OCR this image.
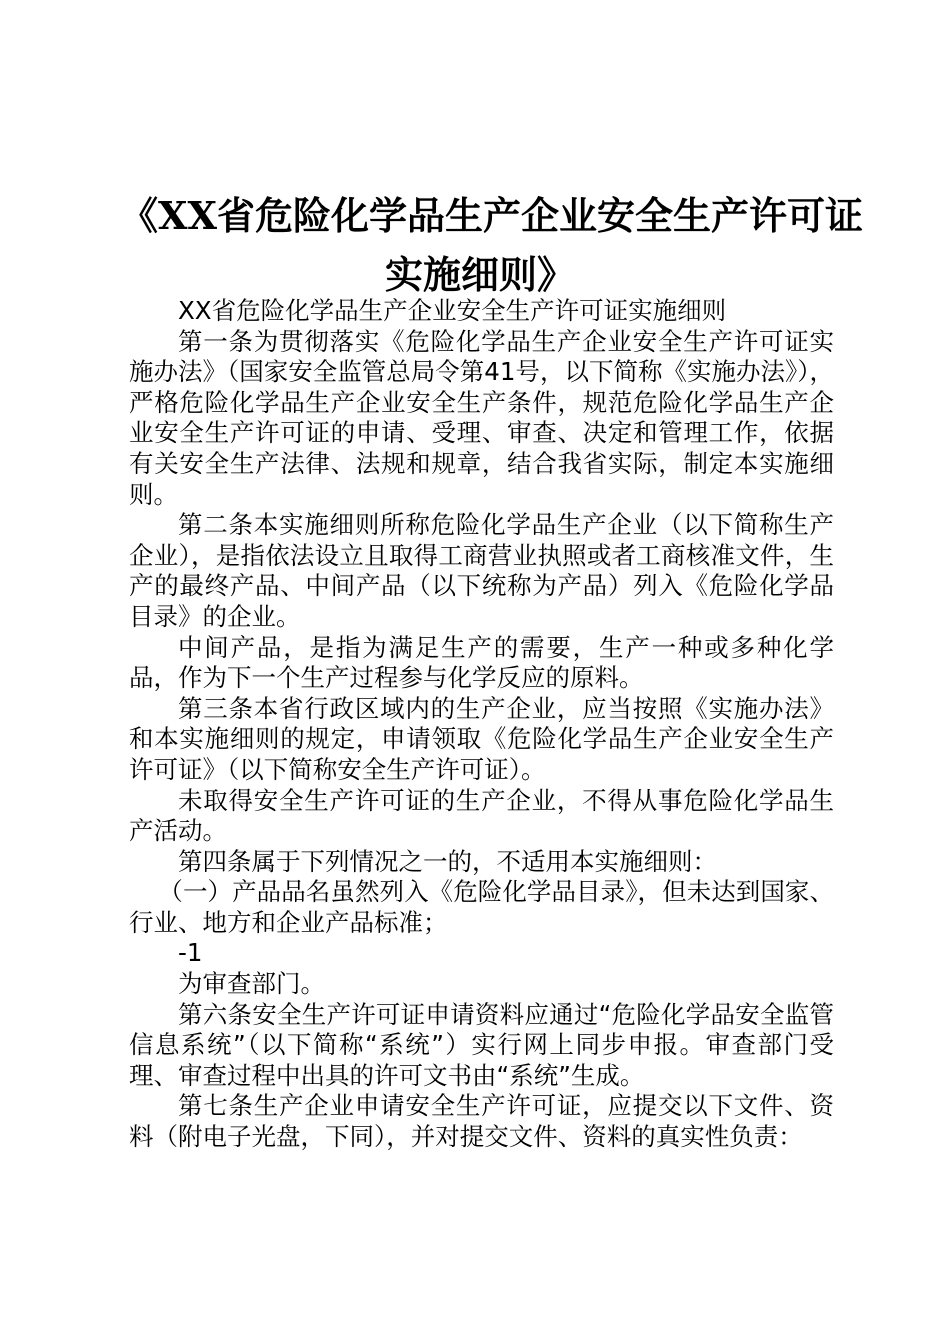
《XX省危险化学品生产企业安全生产许可证
实施细则》

XX省危险化学品生产企业安全生产许可证实施细则

第一条为贯彻落实《危险化学品生产企业安全生产许可证实施办法》（国家安全监管总局令第41号，以下简称《实施办法》），严格危险化学品生产企业安全生产条件，规范危险化学品生产企业安全生产许可证的申请、受理、审查、决定和管理工作，依据有关安全生产法律、法规和规章，结合我省实际，制定本实施细则。

第二条本实施细则所称危险化学品生产企业（以下简称生产企业），是指依法设立且取得工商营业执照或者工商核准文件，生产的最终产品、中间产品（以下统称为产品）列入《危险化学品目录》的企业。

中间产品，是指为满足生产的需要，生产一种或多种化学品，作为下一个生产过程参与化学反应的原料。

第三条本省行政区域内的生产企业，应当按照《实施办法》和本实施细则的规定，申请领取《危险化学品生产企业安全生产许可证》（以下简称安全生产许可证）。

未取得安全生产许可证的生产企业，不得从事危险化学品生产活动。

第四条属于下列情况之一的，不适用本实施细则：

（一）产品品名虽然列入《危险化学品目录》，但未达到国家、行业、地方和企业产品标准；

-1

为审查部门。

第六条安全生产许可证申请资料应通过“危险化学品安全监管信息系统”（以下简称“系统”）实行网上同步申报。审查部门受理、审查过程中出具的许可文书由“系统”生成。

第七条生产企业申请安全生产许可证，应提交以下文件、资料（附电子光盘，下同），并对提交文件、资料的真实性负责：
